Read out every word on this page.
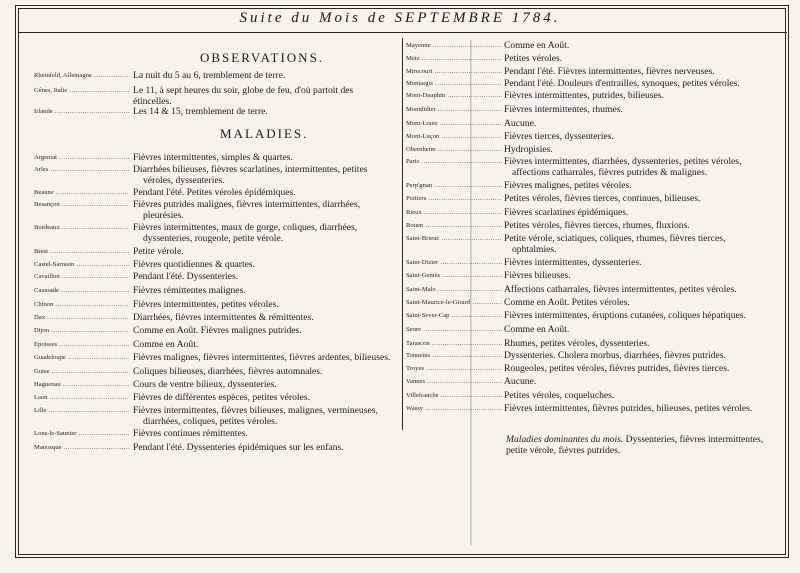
Suite du Mois de SEPTEMBRE 1784.
OBSERVATIONS.
Rheinfeld, Allemagne .....	La nuit du 5 au 6, tremblement de terre.
Gênes, Italie .....	Le 11, à sept heures du soir, globe de feu, d'où partoit des
étincelles.
Irlande .....	Les 14 & 15, tremblement de terre.
MALADIES.
Argentat .....	Fièvres intermittentes, simples & quartes.
Arles .....	Diarrhées bilieuses, fièvres scarlatines, intermittentes, petites
véroles, dyssenteries.
Beaune .....	Pendant l'été. Petites véroles épidémiques.
Besançon .....	Fièvres putrides malignes, fièvres intermittentes, diarrhées,
pleurésies.
Bordeaux .....	Fièvres intermittentes, maux de gorge, coliques, diarrhées,
dyssenteries, rougeole, petite vérole.
Brest .....	Petite vérole.
Castel-Sarrasin .....	Fièvres quotidiennes & quartes.
Cavaillon .....	Pendant l'été. Dyssenteries.
Caussade .....	Fièvres rémittentes malignes.
Chinon .....	Fièvres intermittentes, petites véroles.
Dax .....	Diarrhées, fièvres intermittentes & rémittentes.
Dijon .....	Comme en Août. Fièvres malignes putrides.
Epoisses .....	Comme en Août.
Guadeloupe .....	Fièvres malignes, fièvres intermittentes, fièvres ardentes, bilieuses.
Guise .....	Coliques bilieuses, diarrhées, fièvres automnales.
Haguenau .....	Cours de ventre bilieux, dyssenteries.
Laon .....	Fièvres de différentes espèces, petites véroles.
Lille .....	Fièvres intermittentes, fièvres bilieuses, malignes, vermineuses,
diarrhées, coliques, petites véroles.
Lons-le-Saunier .....	Fièvres continues rémittentes.
Manosque .....	Pendant l'été. Dyssenteries épidémiques sur les enfans.
Mayenne .....	Comme en Août.
Metz .....	Petites véroles.
Mirecourt .....	Pendant l'été. Fièvres intermittentes, fièvres nerveuses.
Montargis .....	Pendant l'été. Douleurs d'entrailles, synoques, petites véroles.
Mont-Dauphin .....	Fièvres intermittentes, putrides, bilieuses.
Montdidier .....	Fièvres intermittentes, rhumes.
Mont-Louis .....	Aucune.
Mont-Luçon .....	Fièvres tierces, dyssenteries.
Obernheim .....	Hydropisies.
Paris .....	Fièvres intermittentes, diarrhées, dyssenteries, petites véroles,
affections catharrales, fièvres putrides & malignes.
Perp'gnan .....	Fièvres malignes, petites véroles.
Poitiers .....	Petites véroles, fièvres tierces, continues, bilieuses.
Rieux .....	Fièvres scarlatines épidémiques.
Rouen .....	Petites véroles, fièvres tierces, rhumes, fluxions.
Saint-Brieuc .....	Petite vérole, sciatiques, coliques, rhumes, fièvres tierces,
ophtalmies.
Saint-Dizier .....	Fièvres intermittentes, dyssenteries.
Saint-Geniès .....	Fièvres bilieuses.
Saint-Malo .....	Affections catharrales, fièvres intermittentes, petites véroles.
Saint-Maurice-le-Girard .....	Comme en Août. Petites véroles.
Saint-Sever-Cap .....	Fièvres intermittentes, éruptions cutanées, coliques hépatiques.
Seure .....	Comme en Août.
Tarascon .....	Rhumes, petites véroles, dyssenteries.
Tonneins .....	Dyssenteries. Cholera morbus, diarrhées, fièvres putrides.
Troyes .....	Rougeoles, petites véroles, fièvres putrides, fièvres tierces.
Vannes .....	Aucune.
Villefranche .....	Petites véroles, coqueluches.
Wassy .....	Fièvres intermittentes, fièvres putrides, bilieuses, petites véroles.
Maladies dominantes du mois. Dyssenteries, fièvres intermittentes, petite vérole, fièvres putrides.
